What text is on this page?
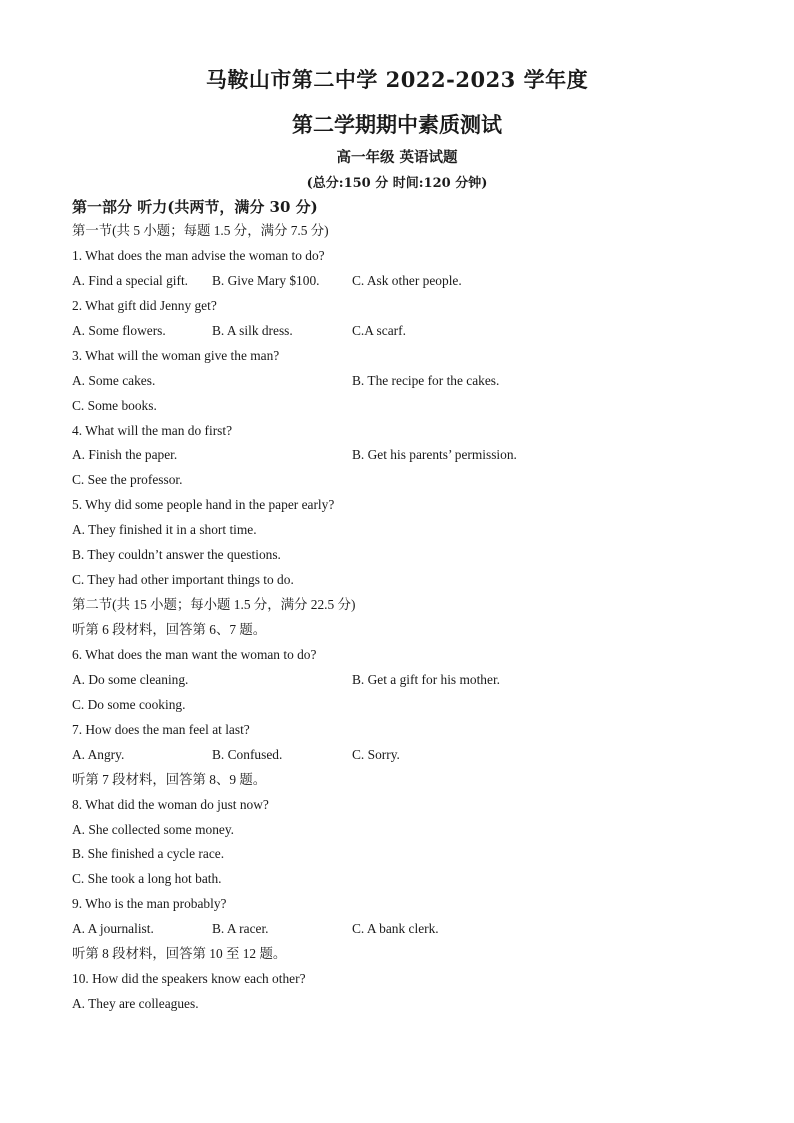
马鞍山市第二中学 2022-2023 学年度
第二学期期中素质测试
高一年级 英语试题
(总分:150 分 时间:120 分钟)
第一部分 听力(共两节，满分 30 分)
第一节(共 5 小题；每题 1.5 分，满分 7.5 分)
1. What does the man advise the woman to do?
A. Find a special gift. B. Give Mary $100. C. Ask other people.
2. What gift did Jenny get?
A. Some flowers.	B. A silk dress.	C.A scarf.
3. What will the woman give the man?
A. Some cakes.	B. The recipe for the cakes.
C. Some books.
4. What will the man do first?
A. Finish the paper.	B. Get his parents’ permission.
C. See the professor.
5. Why did some people hand in the paper early?
A. They finished it in a short time.
B. They couldn’t answer the questions.
C. They had other important things to do.
第二节(共 15 小题；每小题 1.5 分，满分 22.5 分)
听第 6 段材料，回答第 6、7 题。
6. What does the man want the woman to do?
A. Do some cleaning.	B. Get a gift for his mother.
C. Do some cooking.
7. How does the man feel at last?
A. Angry.	B. Confused.	C. Sorry.
听第 7 段材料，回答第 8、9 题。
8. What did the woman do just now?
A. She collected some money.
B. She finished a cycle race.
C. She took a long hot bath.
9. Who is the man probably?
A. A journalist.	B. A racer.	C. A bank clerk.
听第 8 段材料，回答第 10 至 12 题。
10. How did the speakers know each other?
A. They are colleagues.
